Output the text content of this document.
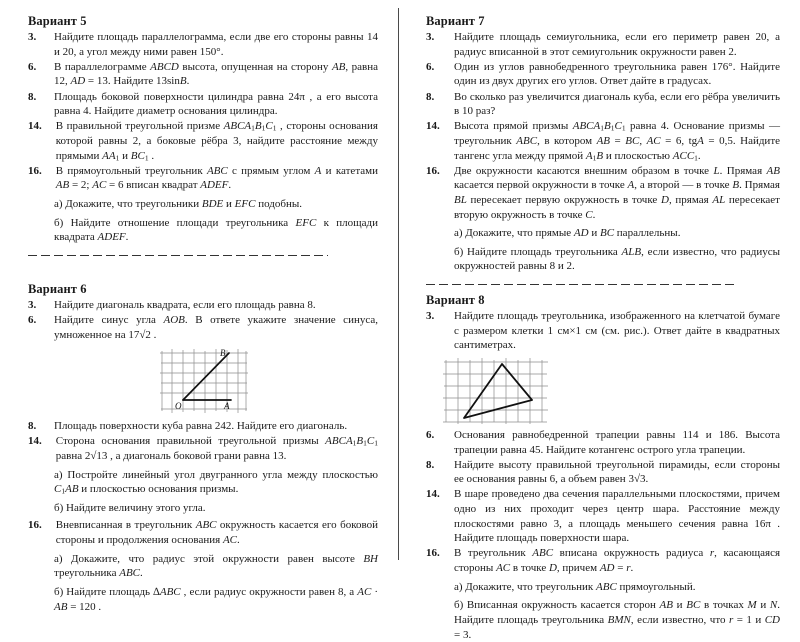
Вариант 5
3.	Найдите площадь параллелограмма, если две его стороны равны 14 и 20, а угол между ними равен 150°.
6.	В параллелограмме ABCD высота, опущенная на сторону AB, равна 12, AD = 13. Найдите 13sinB.
8.	Площадь боковой поверхности цилиндра равна 24π , а его высота равна 4. Найдите диаметр основания цилиндра.
14.	В правильной треугольной призме $ABCA_1B_1C_1$ , стороны основания которой равны 2, а боковые рёбра 3, найдите расстояние между прямыми $AA_1$ и $BC_1$ .
16.	В прямоугольный треугольник ABC с прямым углом A и катетами AB = 2; AC = 6 вписан квадрат ADEF.
а) Докажите, что треугольники BDE и EFC подобны.
б) Найдите отношение площади треугольника EFC к площади квадрата ADEF.
Вариант 6
3.	Найдите диагональ квадрата, если его площадь равна 8.
6.	Найдите синус угла AOB. В ответе укажите значение синуса, умноженное на 17√2 .
B
O	A
8.	Площадь поверхности куба равна 242. Найдите его диагональ.
14.	Сторона основания правильной треугольной призмы $ABCA_1B_1C_1$ равна 2√13 , а диагональ боковой грани равна 13.
а) Постройте линейный угол двугранного угла между плоскостью $C_1AB$ и плоскостью основания призмы.
б) Найдите величину этого угла.
16.	Вневписанная в треугольник ABC окружность касается его боковой стороны и продолжения основания AC.
а) Докажите, что радиус этой окружности равен высоте BH треугольника ABC.
б) Найдите площадь ∆ABC , если радиус окружности равен 8, а AC · AB = 120 .
Вариант 7
3.	Найдите площадь семиугольника, если его периметр равен 20, а радиус вписанной в этот семиугольник окружности равен 2.
6.	Один из углов равнобедренного треугольника равен 176°. Найдите один из двух других его углов. Ответ дайте в градусах.
8.	Во сколько раз увеличится диагональ куба, если его рёбра увеличить в 10 раз?
14.	Высота прямой призмы $ABCA_1B_1C_1$ равна 4. Основание призмы — треугольник ABC, в котором AB = BC, AC = 6, tgA = 0,5. Найдите тангенс угла между прямой $A_1B$ и плоскостью $ACC_1$.
16.	Две окружности касаются внешним образом в точке L. Прямая AB касается первой окружности в точке A, а второй — в точке B. Прямая BL пересекает первую окружность в точке D, прямая AL пересекает вторую окружность в точке C.
а) Докажите, что прямые AD и BC параллельны.
б) Найдите площадь треугольника ALB, если известно, что радиусы окружностей равны 8 и 2.
Вариант 8
3.	Найдите площадь треугольника, изображенного на клетчатой бумаге с размером клетки 1 см×1 см (см. рис.). Ответ дайте в квадратных сантиметрах.
6.	Основания равнобедренной трапеции равны 114 и 186. Высота трапеции равна 45. Найдите котангенс острого угла трапеции.
8.	Найдите высоту правильной треугольной пирамиды, если стороны ее основания равны 6, а объем равен 3√3.
14.	В шаре проведено два сечения параллельными плоскостями, причем одно из них проходит через центр шара. Расстояние между плоскостями равно 3, а площадь меньшего сечения равна 16π . Найдите площадь поверхности шара.
16.	В треугольник ABC вписана окружность радиуса r, касающаяся стороны AC в точке D, причем AD = r.
а) Докажите, что треугольник ABC прямоугольный.
б) Вписанная окружность касается сторон AB и BC в точках M и N. Найдите площадь треугольника BMN, если известно, что r = 1 и CD = 3.
